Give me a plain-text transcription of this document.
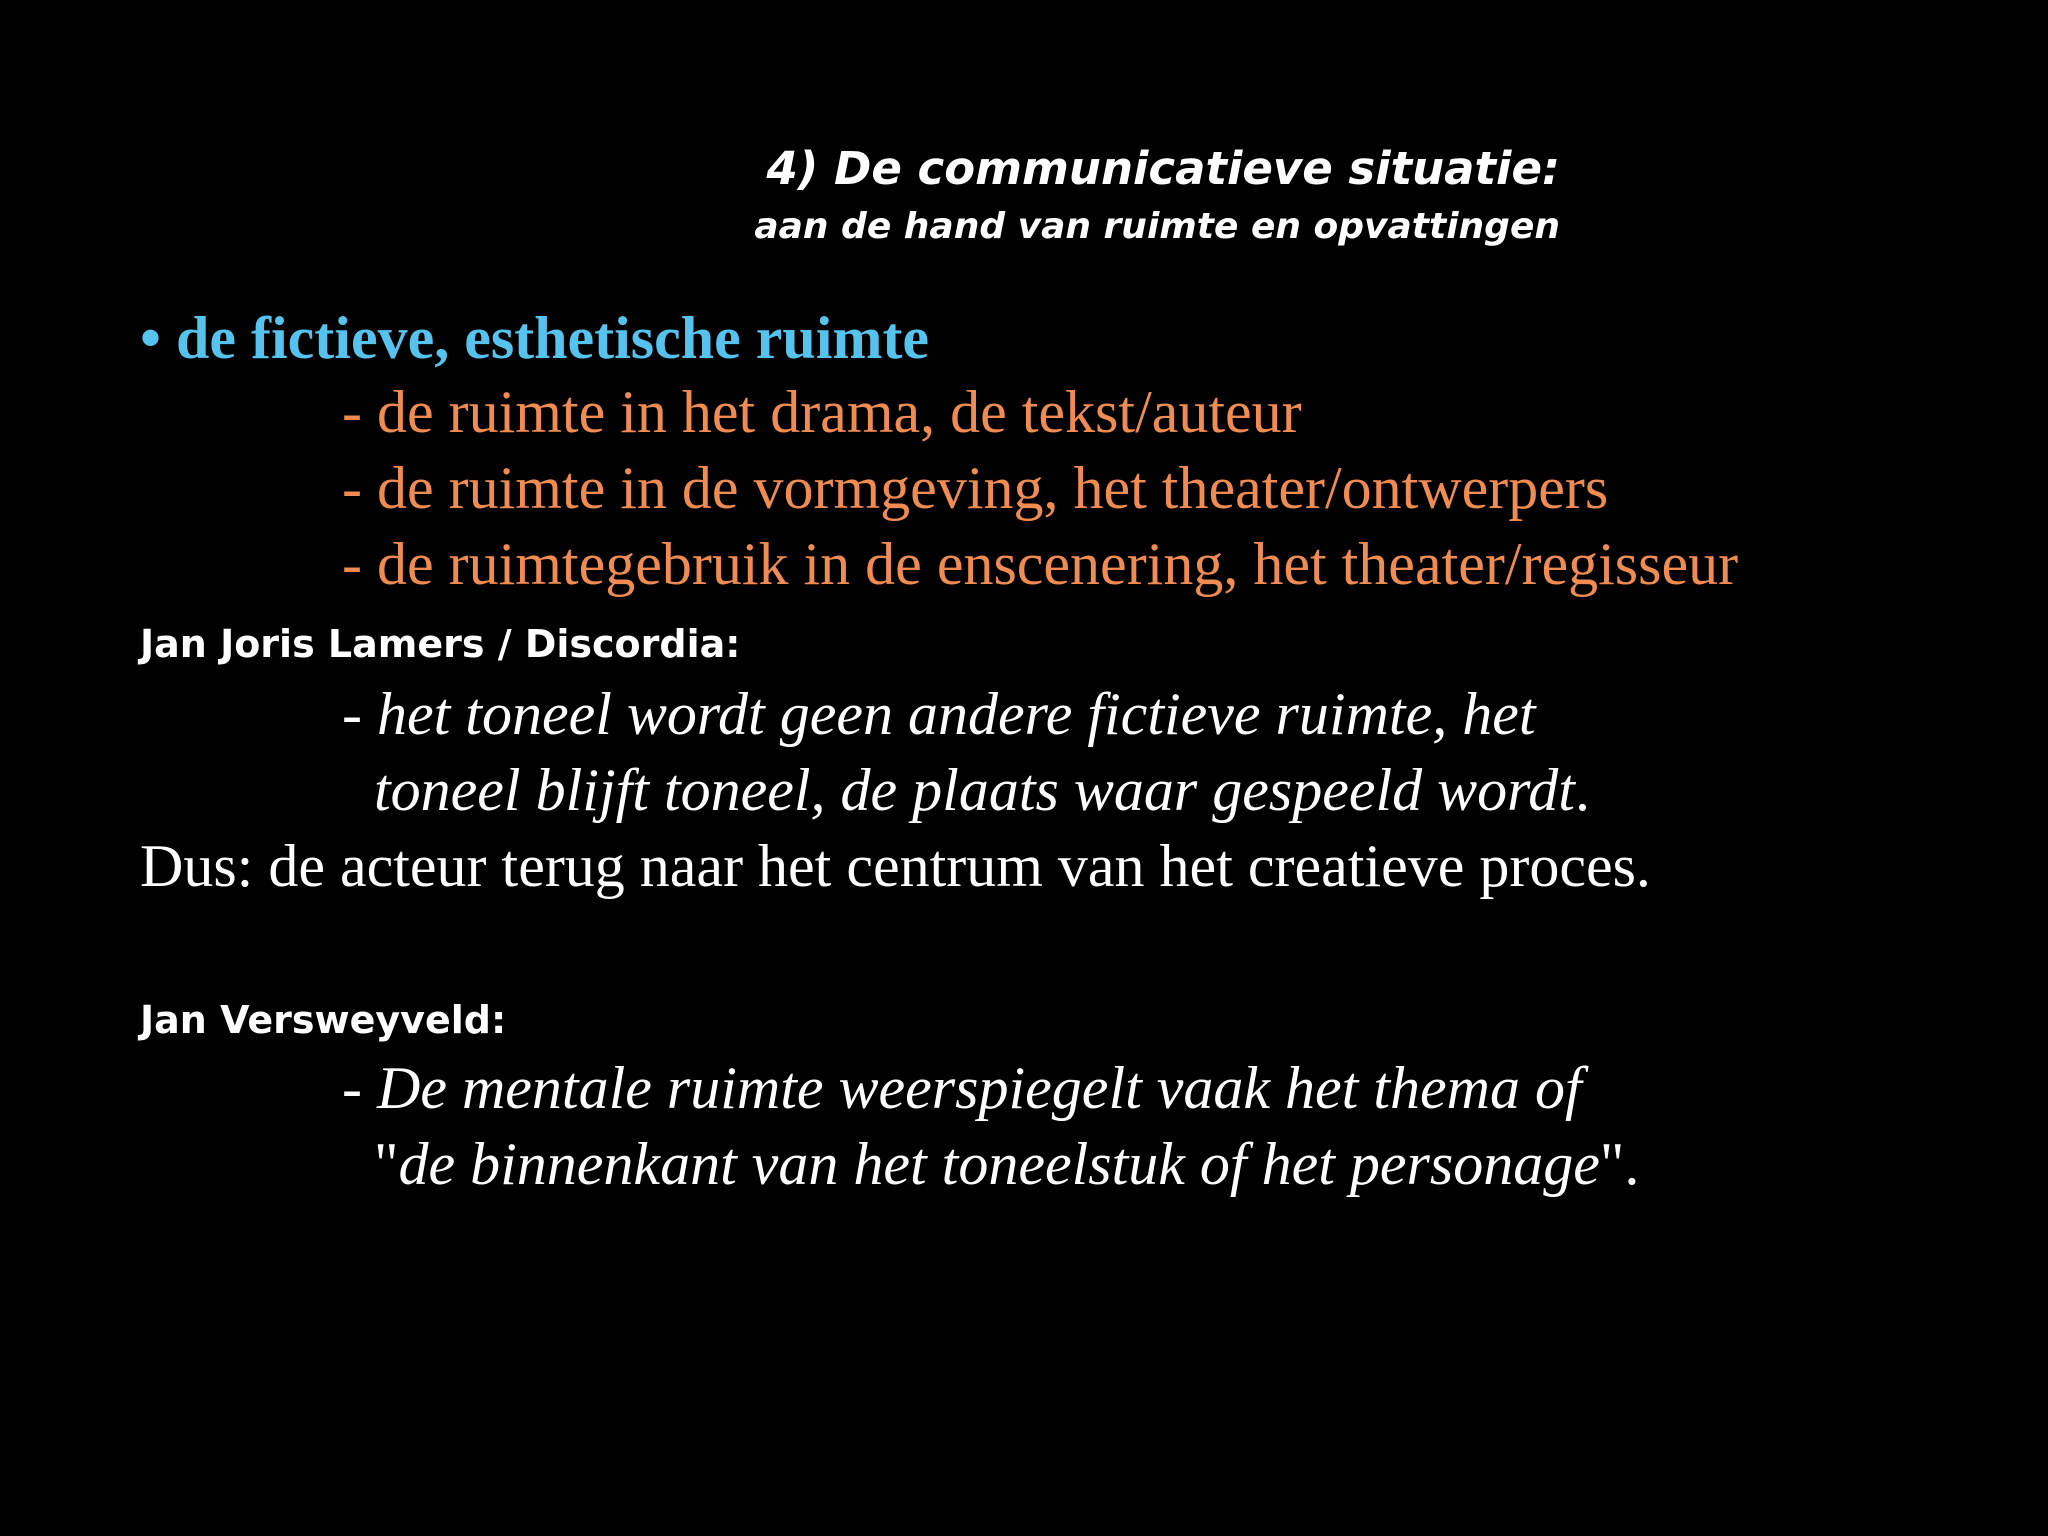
4) De communicatieve situatie:
aan de hand van ruimte en opvattingen
• de fictieve, esthetische ruimte
- de ruimte in het drama, de tekst/auteur
- de ruimte in de vormgeving, het theater/ontwerpers
- de ruimtegebruik in de enscenering, het theater/regisseur
Jan Joris Lamers / Discordia:
- het toneel wordt geen andere fictieve ruimte, het
toneel blijft toneel, de plaats waar gespeeld wordt.
Dus: de acteur terug naar het centrum van het creatieve proces.
Jan Versweyveld:
- De mentale ruimte weerspiegelt vaak het thema of
"de binnenkant van het toneelstuk of het personage".
